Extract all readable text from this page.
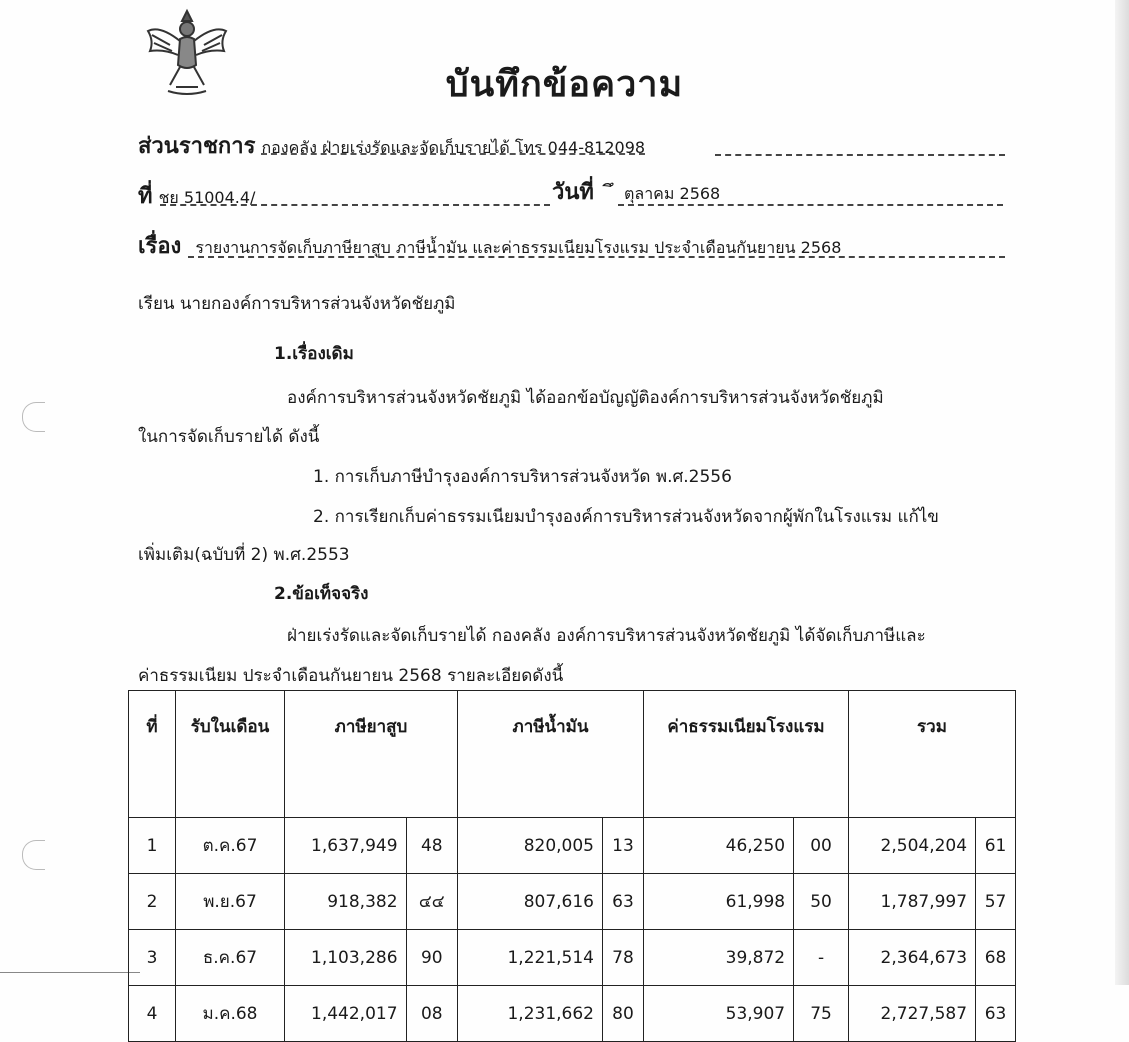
บันทึกข้อความ
ส่วนราชการ กองคลัง ฝ่ายเร่งรัดและจัดเก็บรายได้ โทร 044-812098
ที่ ชย 51004.4/	วันที่ ตุลาคม 2568
เรื่อง รายงานการจัดเก็บภาษียาสูบ ภาษีน้ำมัน และค่าธรรมเนียมโรงแรม ประจำเดือนกันยายน 2568
เรียน นายกองค์การบริหารส่วนจังหวัดชัยภูมิ
1.เรื่องเดิม
องค์การบริหารส่วนจังหวัดชัยภูมิ ได้ออกข้อบัญญัติองค์การบริหารส่วนจังหวัดชัยภูมิ
ในการจัดเก็บรายได้ ดังนี้
1. การเก็บภาษีบำรุงองค์การบริหารส่วนจังหวัด พ.ศ.2556
2. การเรียกเก็บค่าธรรมเนียมบำรุงองค์การบริหารส่วนจังหวัดจากผู้พักในโรงแรม แก้ไข
เพิ่มเติม(ฉบับที่ 2) พ.ศ.2553
2.ข้อเท็จจริง
ฝ่ายเร่งรัดและจัดเก็บรายได้ กองคลัง องค์การบริหารส่วนจังหวัดชัยภูมิ ได้จัดเก็บภาษีและ
ค่าธรรมเนียม ประจำเดือนกันยายน 2568 รายละเอียดดังนี้
ที่	รับในเดือน	ภาษียาสูบ		ภาษีน้ำมัน		ค่าธรรมเนียมโรงแรม		รวม	
1	ต.ค.67	1,637,949	48	820,005	13	46,250	00	2,504,204	61
2	พ.ย.67	918,382	๔๔	807,616	63	61,998	50	1,787,997	57
3	ธ.ค.67	1,103,286	90	1,221,514	78	39,872	-	2,364,673	68
4	ม.ค.68	1,442,017	08	1,231,662	80	53,907	75	2,727,587	63
